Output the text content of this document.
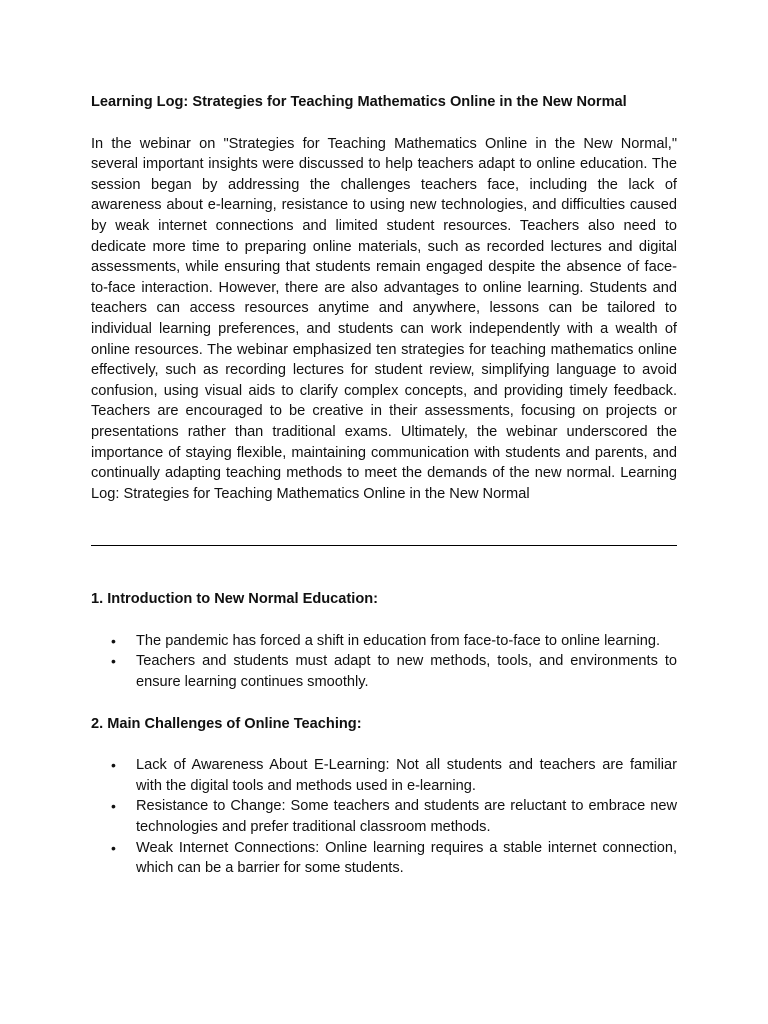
Learning Log: Strategies for Teaching Mathematics Online in the New Normal

In the webinar on "Strategies for Teaching Mathematics Online in the New Normal," several important insights were discussed to help teachers adapt to online education. The session began by addressing the challenges teachers face, including the lack of awareness about e-learning, resistance to using new technologies, and difficulties caused by weak internet connections and limited student resources. Teachers also need to dedicate more time to preparing online materials, such as recorded lectures and digital assessments, while ensuring that students remain engaged despite the absence of face-to-face interaction. However, there are also advantages to online learning. Students and teachers can access resources anytime and anywhere, lessons can be tailored to individual learning preferences, and students can work independently with a wealth of online resources. The webinar emphasized ten strategies for teaching mathematics online effectively, such as recording lectures for student review, simplifying language to avoid confusion, using visual aids to clarify complex concepts, and providing timely feedback. Teachers are encouraged to be creative in their assessments, focusing on projects or presentations rather than traditional exams. Ultimately, the webinar underscored the importance of staying flexible, maintaining communication with students and parents, and continually adapting teaching methods to meet the demands of the new normal. Learning Log: Strategies for Teaching Mathematics Online in the New Normal

1. Introduction to New Normal Education:

• The pandemic has forced a shift in education from face-to-face to online learning.
• Teachers and students must adapt to new methods, tools, and environments to ensure learning continues smoothly.

2. Main Challenges of Online Teaching:

• Lack of Awareness About E-Learning: Not all students and teachers are familiar with the digital tools and methods used in e-learning.
• Resistance to Change: Some teachers and students are reluctant to embrace new technologies and prefer traditional classroom methods.
• Weak Internet Connections: Online learning requires a stable internet connection, which can be a barrier for some students.
